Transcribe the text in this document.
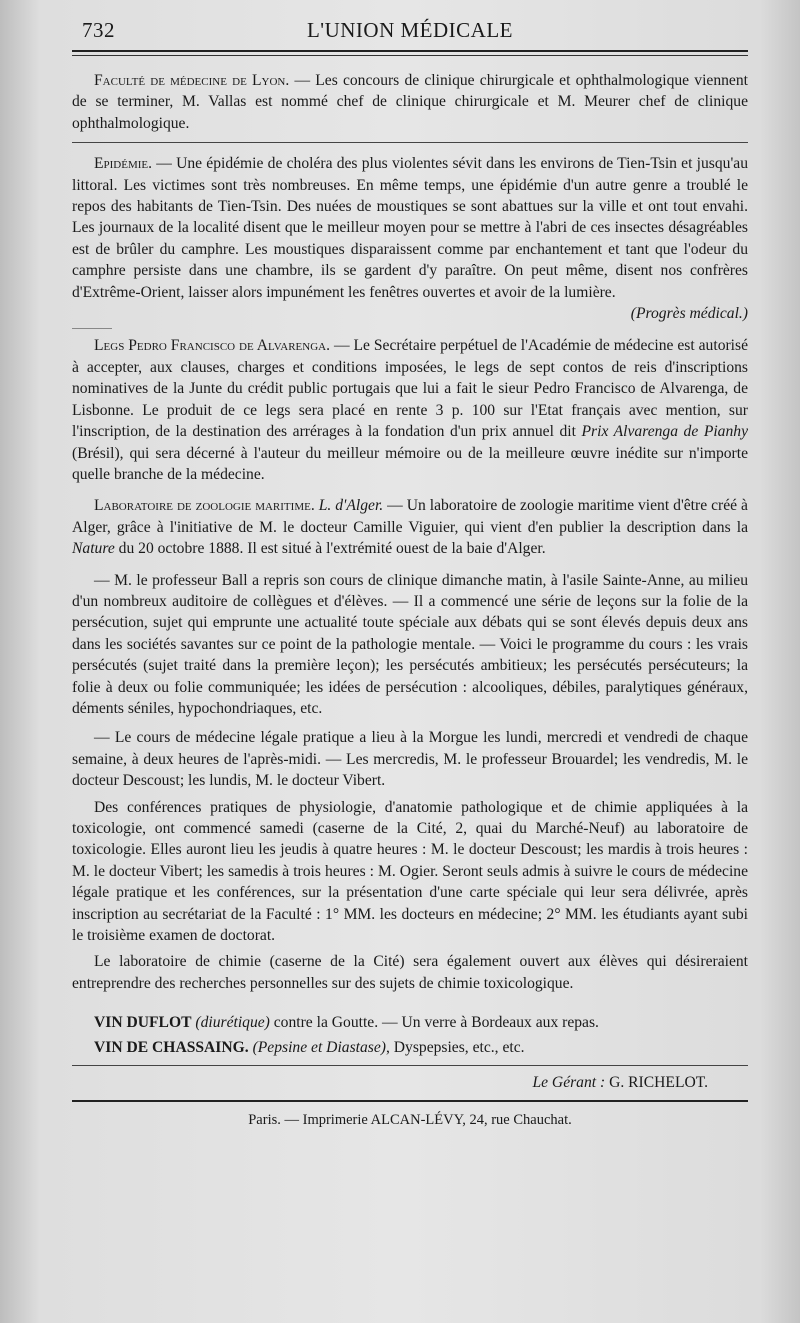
732	L'UNION MÉDICALE

Faculté de médecine de Lyon. — Les concours de clinique chirurgicale et ophthalmologique viennent de se terminer, M. Vallas est nommé chef de clinique chirurgicale et M. Meurer chef de clinique ophthalmologique.

Epidémie. — Une épidémie de choléra des plus violentes sévit dans les environs de Tien-Tsin et jusqu'au littoral. Les victimes sont très nombreuses. En même temps, une épidémie d'un autre genre a troublé le repos des habitants de Tien-Tsin. Des nuées de moustiques se sont abattues sur la ville et ont tout envahi. Les journaux de la localité disent que le meilleur moyen pour se mettre à l'abri de ces insectes désagréables est de brûler du camphre. Les moustiques disparaissent comme par enchantement et tant que l'odeur du camphre persiste dans une chambre, ils se gardent d'y paraître. On peut même, disent nos confrères d'Extrême-Orient, laisser alors impunément les fenêtres ouvertes et avoir de la lumière.
(Progrès médical.)

Legs Pedro Francisco de Alvarenga. — Le Secrétaire perpétuel de l'Académie de médecine est autorisé à accepter, aux clauses, charges et conditions imposées, le legs de sept contos de reis d'inscriptions nominatives de la Junte du crédit public portugais que lui a fait le sieur Pedro Francisco de Alvarenga, de Lisbonne. Le produit de ce legs sera placé en rente 3 p. 100 sur l'Etat français avec mention, sur l'inscription, de la destination des arrérages à la fondation d'un prix annuel dit Prix Alvarenga de Pianhy (Brésil), qui sera décerné à l'auteur du meilleur mémoire ou de la meilleure œuvre inédite sur n'importe quelle branche de la médecine.

Laboratoire de zoologie maritime. L. d'Alger. — Un laboratoire de zoologie maritime vient d'être créé à Alger, grâce à l'initiative de M. le docteur Camille Viguier, qui vient d'en publier la description dans la Nature du 20 octobre 1888. Il est situé à l'extrémité ouest de la baie d'Alger.

— M. le professeur Ball a repris son cours de clinique dimanche matin, à l'asile Sainte-Anne, au milieu d'un nombreux auditoire de collègues et d'élèves. — Il a commencé une série de leçons sur la folie de la persécution, sujet qui emprunte une actualité toute spéciale aux débats qui se sont élevés depuis deux ans dans les sociétés savantes sur ce point de la pathologie mentale. — Voici le programme du cours : les vrais persécutés (sujet traité dans la première leçon); les persécutés ambitieux; les persécutés persécuteurs; la folie à deux ou folie communiquée; les idées de persécution : alcooliques, débiles, paralytiques généraux, déments séniles, hypochondriaques, etc.

— Le cours de médecine légale pratique a lieu à la Morgue les lundi, mercredi et vendredi de chaque semaine, à deux heures de l'après-midi. — Les mercredis, M. le professeur Brouardel; les vendredis, M. le docteur Descoust; les lundis, M. le docteur Vibert.

Des conférences pratiques de physiologie, d'anatomie pathologique et de chimie appliquées à la toxicologie, ont commencé samedi (caserne de la Cité, 2, quai du Marché-Neuf) au laboratoire de toxicologie. Elles auront lieu les jeudis à quatre heures : M. le docteur Descoust; les mardis à trois heures : M. le docteur Vibert; les samedis à trois heures : M. Ogier. Seront seuls admis à suivre le cours de médecine légale pratique et les conférences, sur la présentation d'une carte spéciale qui leur sera délivrée, après inscription au secrétariat de la Faculté : 1° MM. les docteurs en médecine; 2° MM. les étudiants ayant subi le troisième examen de doctorat.

Le laboratoire de chimie (caserne de la Cité) sera également ouvert aux élèves qui désireraient entreprendre des recherches personnelles sur des sujets de chimie toxicologique.

VIN DUFLOT (diurétique) contre la Goutte. — Un verre à Bordeaux aux repas.

VIN DE CHASSAING. (Pepsine et Diastase), Dyspepsies, etc., etc.

Le Gérant : G. RICHELOT.

Paris. — Imprimerie ALCAN-LÉVY, 24, rue Chauchat.
